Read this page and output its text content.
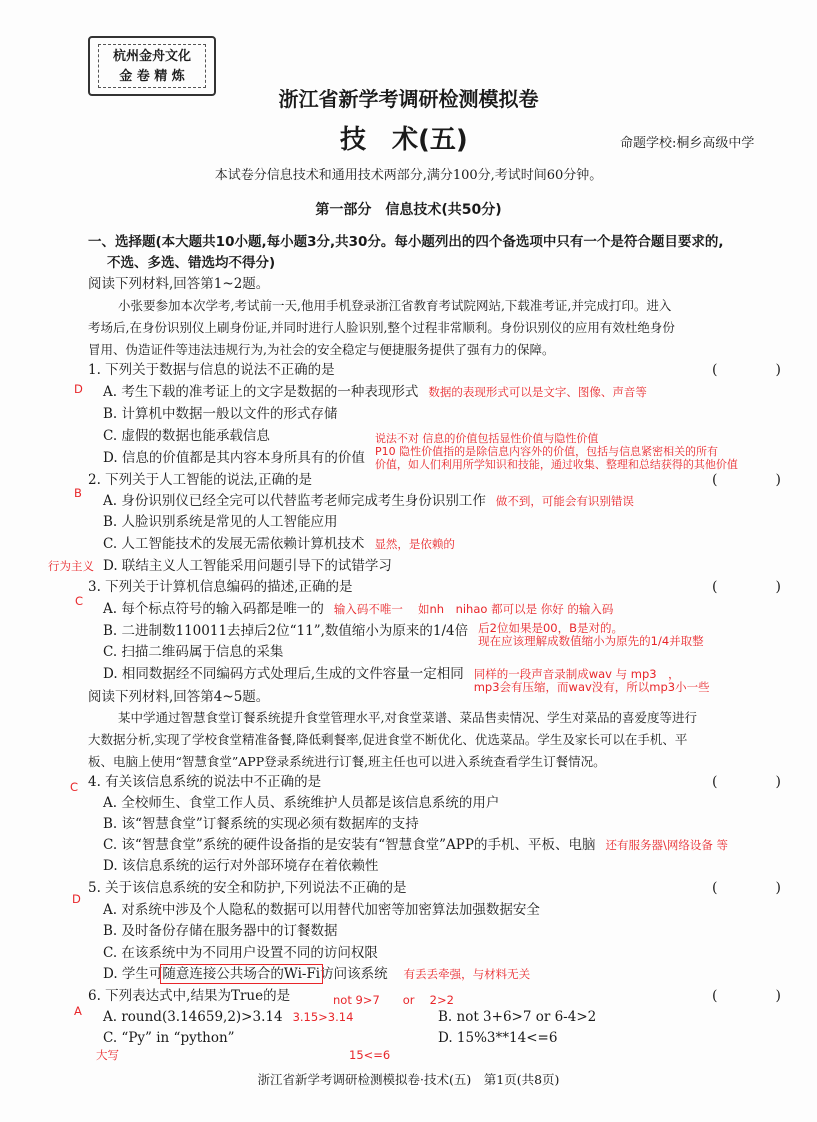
杭州金舟文化
金 卷 精 炼
浙江省新学考调研检测模拟卷
技　术(五)	命题学校:桐乡高级中学
本试卷分信息技术和通用技术两部分,满分100分,考试时间60分钟。
第一部分　信息技术(共50分)
一、选择题(本大题共10小题,每小题3分,共30分。每小题列出的四个备选项中只有一个是符合题目要求的,
不选、多选、错选均不得分)
阅读下列材料,回答第1~2题。
小张要参加本次学考,考试前一天,他用手机登录浙江省教育考试院网站,下载准考证,并完成打印。进入
考场后,在身份识别仪上刷身份证,并同时进行人脸识别,整个过程非常顺利。身份识别仪的应用有效杜绝身份
冒用、伪造证件等违法违规行为,为社会的安全稳定与便捷服务提供了强有力的保障。
1. 下列关于数据与信息的说法不正确的是	(　)
D A. 考生下载的准考证上的文字是数据的一种表现形式 数据的表现形式可以是文字、图像、声音等
B. 计算机中数据一般以文件的形式存储
C. 虚假的数据也能承载信息
D. 信息的价值都是其内容本身所具有的价值
说法不对 信息的价值包括显性价值与隐性价值
P10 隐性价值指的是除信息内容外的价值，包括与信息紧密相关的所有
价值，如人们利用所学知识和技能，通过收集、整理和总结获得的其他价值
2. 下列关于人工智能的说法,正确的是	(　)
B A. 身份识别仪已经全完可以代替监考老师完成考生身份识别工作 做不到，可能会有识别错误
B. 人脸识别系统是常见的人工智能应用
C. 人工智能技术的发展无需依赖计算机技术 显然，是依赖的
行为主义 D. 联结主义人工智能采用问题引导下的试错学习
3. 下列关于计算机信息编码的描述,正确的是	(　)
C A. 每个标点符号的输入码都是唯一的 输入码不唯一　 如nh　nihao 都可以是 你好 的输入码
B. 二进制数110011去掉后2位“11”,数值缩小为原来的1/4倍 后2位如果是00，B是对的。
现在应该理解成数值缩小为原先的1/4并取整
C. 扫描二维码属于信息的采集
D. 相同数据经不同编码方式处理后,生成的文件容量一定相同 同样的一段声音录制成wav 与 mp3　，
mp3会有压缩，而wav没有，所以mp3小一些
阅读下列材料,回答第4~5题。
某中学通过智慧食堂订餐系统提升食堂管理水平,对食堂菜谱、菜品售卖情况、学生对菜品的喜爱度等进行
大数据分析,实现了学校食堂精准备餐,降低剩餐率,促进食堂不断优化、优选菜品。学生及家长可以在手机、平
板、电脑上使用“智慧食堂”APP登录系统进行订餐,班主任也可以进入系统查看学生订餐情况。
4. 有关该信息系统的说法中不正确的是	(　)
C
A. 全校师生、食堂工作人员、系统维护人员都是该信息系统的用户
B. 该“智慧食堂”订餐系统的实现必须有数据库的支持
C. 该“智慧食堂”系统的硬件设备指的是安装有“智慧食堂”APP的手机、平板、电脑 还有服务器\网络设备 等
D. 该信息系统的运行对外部环境存在着依赖性
5. 关于该信息系统的安全和防护,下列说法不正确的是	(　)
D
A. 对系统中涉及个人隐私的数据可以用替代加密等加密算法加强数据安全
B. 及时备份存储在服务器中的订餐数据
C. 在该系统中为不同用户设置不同的访问权限
D. 学生可随意连接公共场合的Wi-Fi访问该系统 有丢丢牵强，与材料无关
6. 下列表达式中,结果为True的是	(　)
not 9>7　　or　 2>2
A A. round(3.14659,2)>3.14 3.15>3.14	B. not 3+6>7 or 6-4>2
C. “Py” in “python”	D. 15%3**14<=6
大写	15<=6
浙江省新学考调研检测模拟卷·技术(五)　第1页(共8页)
